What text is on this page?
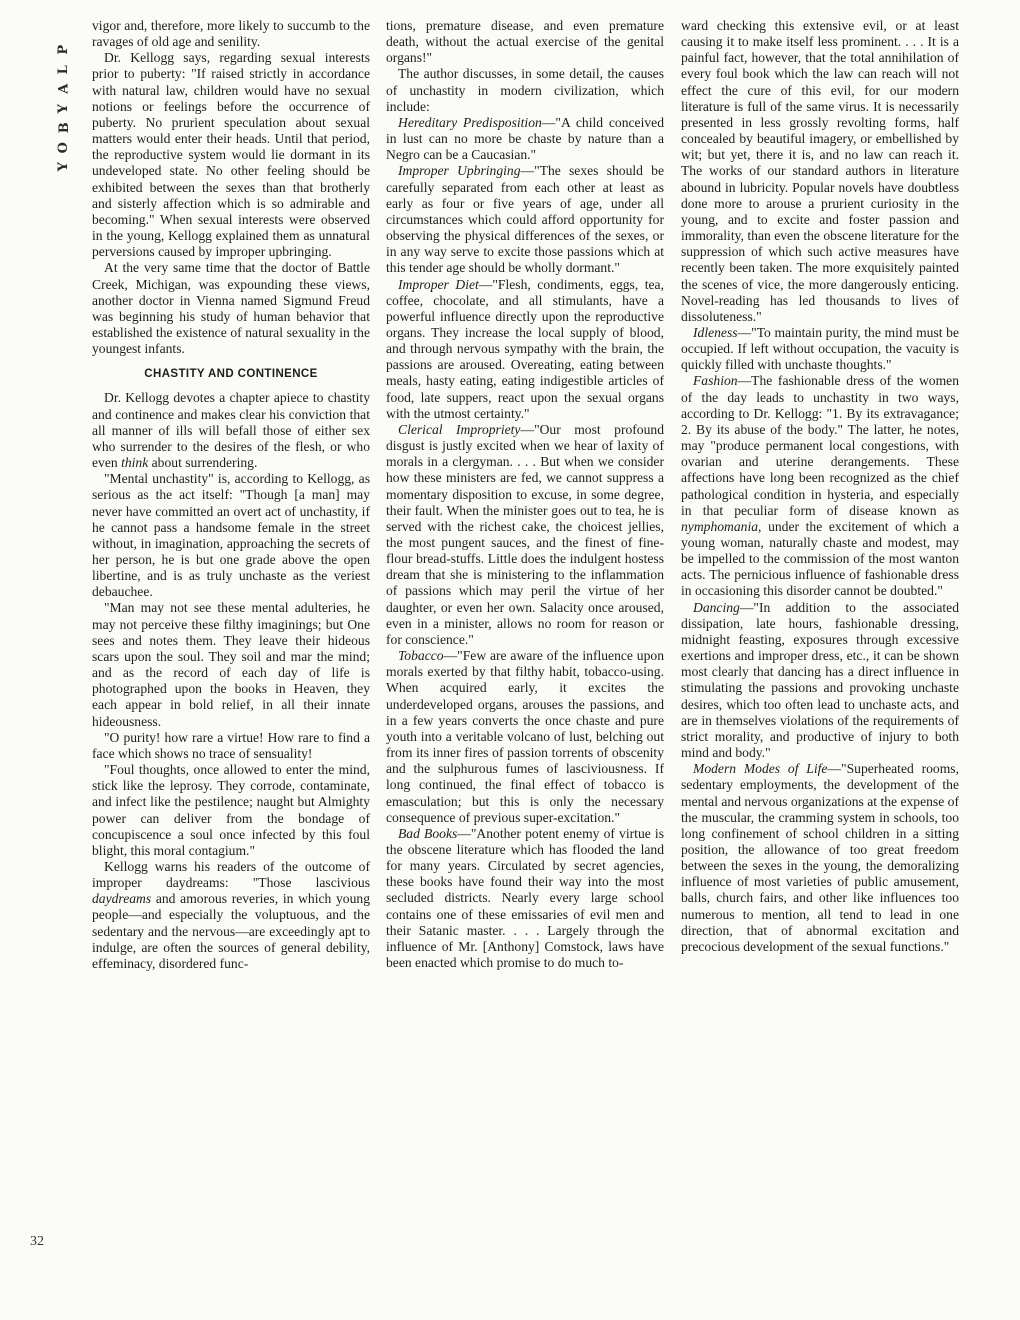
P
L
A
Y
B
O
Y
32

vigor and, therefore, more likely to succumb to the ravages of old age and senility.

Dr. Kellogg says, regarding sexual interests prior to puberty: "If raised strictly in accordance with natural law, children would have no sexual notions or feelings before the occurrence of puberty. No prurient speculation about sexual matters would enter their heads. Until that period, the reproductive system would lie dormant in its undeveloped state. No other feeling should be exhibited between the sexes than that brotherly and sisterly affection which is so admirable and becoming." When sexual interests were observed in the young, Kellogg explained them as unnatural perversions caused by improper upbringing.

At the very same time that the doctor of Battle Creek, Michigan, was expounding these views, another doctor in Vienna named Sigmund Freud was beginning his study of human behavior that established the existence of natural sexuality in the youngest infants.

CHASTITY AND CONTINENCE

Dr. Kellogg devotes a chapter apiece to chastity and continence and makes clear his conviction that all manner of ills will befall those of either sex who surrender to the desires of the flesh, or who even think about surrendering.

"Mental unchastity" is, according to Kellogg, as serious as the act itself: "Though [a man] may never have committed an overt act of unchastity, if he cannot pass a handsome female in the street without, in imagination, approaching the secrets of her person, he is but one grade above the open libertine, and is as truly unchaste as the veriest debauchee.

"Man may not see these mental adulteries, he may not perceive these filthy imaginings; but One sees and notes them. They leave their hideous scars upon the soul. They soil and mar the mind; and as the record of each day of life is photographed upon the books in Heaven, they each appear in bold relief, in all their innate hideousness.

"O purity! how rare a virtue! How rare to find a face which shows no trace of sensuality!

"Foul thoughts, once allowed to enter the mind, stick like the leprosy. They corrode, contaminate, and infect like the pestilence; naught but Almighty power can deliver from the bondage of concupiscence a soul once infected by this foul blight, this moral contagium."

Kellogg warns his readers of the outcome of improper daydreams: "Those lascivious daydreams and amorous reveries, in which young people—and especially the voluptuous, and the sedentary and the nervous—are exceedingly apt to indulge, are often the sources of general debility, effeminacy, disordered func-

tions, premature disease, and even premature death, without the actual exercise of the genital organs!"

The author discusses, in some detail, the causes of unchastity in modern civilization, which include:

Hereditary Predisposition—"A child conceived in lust can no more be chaste by nature than a Negro can be a Caucasian."

Improper Upbringing—"The sexes should be carefully separated from each other at least as early as four or five years of age, under all circumstances which could afford opportunity for observing the physical differences of the sexes, or in any way serve to excite those passions which at this tender age should be wholly dormant."

Improper Diet—"Flesh, condiments, eggs, tea, coffee, chocolate, and all stimulants, have a powerful influence directly upon the reproductive organs. They increase the local supply of blood, and through nervous sympathy with the brain, the passions are aroused. Overeating, eating between meals, hasty eating, eating indigestible articles of food, late suppers, react upon the sexual organs with the utmost certainty."

Clerical Impropriety—"Our most profound disgust is justly excited when we hear of laxity of morals in a clergyman. . . . But when we consider how these ministers are fed, we cannot suppress a momentary disposition to excuse, in some degree, their fault. When the minister goes out to tea, he is served with the richest cake, the choicest jellies, the most pungent sauces, and the finest of fine-flour bread-stuffs. Little does the indulgent hostess dream that she is ministering to the inflammation of passions which may peril the virtue of her daughter, or even her own. Salacity once aroused, even in a minister, allows no room for reason or for conscience."

Tobacco—"Few are aware of the influence upon morals exerted by that filthy habit, tobacco-using. When acquired early, it excites the underdeveloped organs, arouses the passions, and in a few years converts the once chaste and pure youth into a veritable volcano of lust, belching out from its inner fires of passion torrents of obscenity and the sulphurous fumes of lasciviousness. If long continued, the final effect of tobacco is emasculation; but this is only the necessary consequence of previous super-excitation."

Bad Books—"Another potent enemy of virtue is the obscene literature which has flooded the land for many years. Circulated by secret agencies, these books have found their way into the most secluded districts. Nearly every large school contains one of these emissaries of evil men and their Satanic master. . . . Largely through the influence of Mr. [Anthony] Comstock, laws have been enacted which promise to do much to-

ward checking this extensive evil, or at least causing it to make itself less prominent. . . . It is a painful fact, however, that the total annihilation of every foul book which the law can reach will not effect the cure of this evil, for our modern literature is full of the same virus. It is necessarily presented in less grossly revolting forms, half concealed by beautiful imagery, or embellished by wit; but yet, there it is, and no law can reach it. The works of our standard authors in literature abound in lubricity. Popular novels have doubtless done more to arouse a prurient curiosity in the young, and to excite and foster passion and immorality, than even the obscene literature for the suppression of which such active measures have recently been taken. The more exquisitely painted the scenes of vice, the more dangerously enticing. Novel-reading has led thousands to lives of dissoluteness."

Idleness—"To maintain purity, the mind must be occupied. If left without occupation, the vacuity is quickly filled with unchaste thoughts."

Fashion—The fashionable dress of the women of the day leads to unchastity in two ways, according to Dr. Kellogg: "1. By its extravagance; 2. By its abuse of the body." The latter, he notes, may "produce permanent local congestions, with ovarian and uterine derangements. These affections have long been recognized as the chief pathological condition in hysteria, and especially in that peculiar form of disease known as nymphomania, under the excitement of which a young woman, naturally chaste and modest, may be impelled to the commission of the most wanton acts. The pernicious influence of fashionable dress in occasioning this disorder cannot be doubted."

Dancing—"In addition to the associated dissipation, late hours, fashionable dressing, midnight feasting, exposures through excessive exertions and improper dress, etc., it can be shown most clearly that dancing has a direct influence in stimulating the passions and provoking unchaste desires, which too often lead to unchaste acts, and are in themselves violations of the requirements of strict morality, and productive of injury to both mind and body."

Modern Modes of Life—"Superheated rooms, sedentary employments, the development of the mental and nervous organizations at the expense of the muscular, the cramming system in schools, too long confinement of school children in a sitting position, the allowance of too great freedom between the sexes in the young, the demoralizing influence of most varieties of public amusement, balls, church fairs, and other like influences too numerous to mention, all tend to lead in one direction, that of abnormal excitation and precocious development of the sexual functions."
